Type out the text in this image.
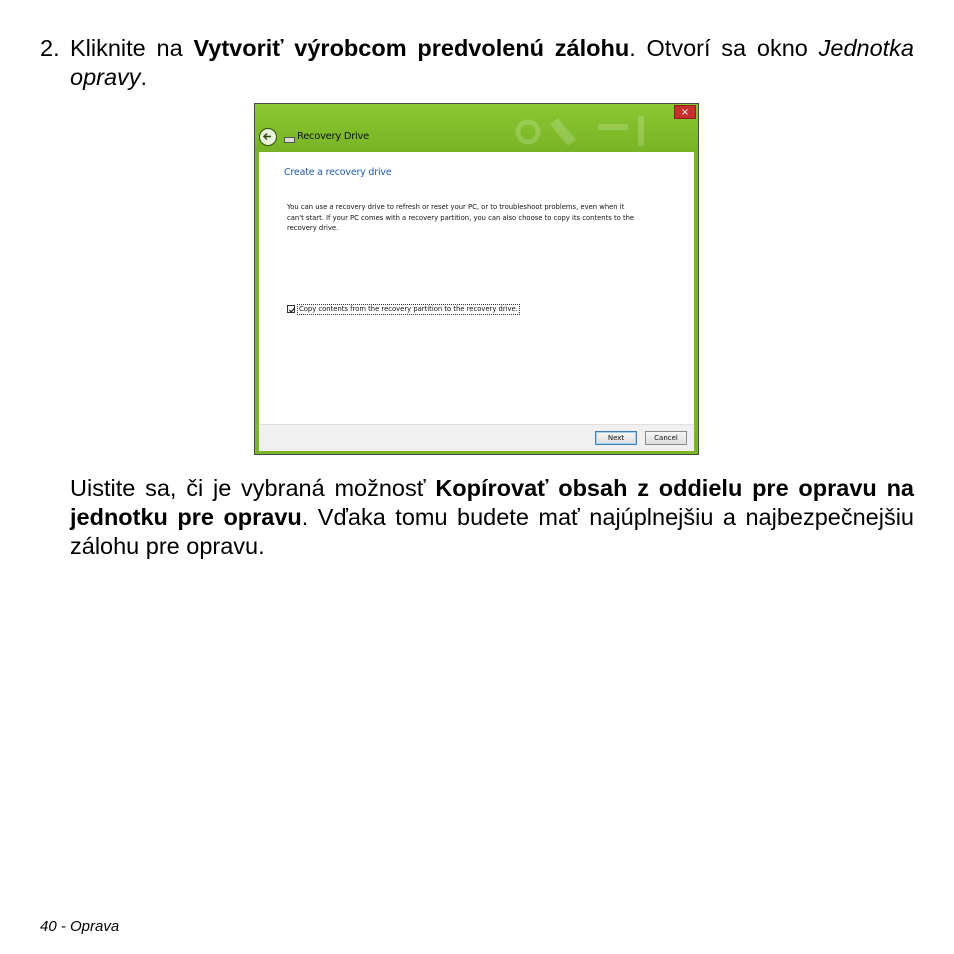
2. Kliknite na Vytvoriť výrobcom predvolenú zálohu. Otvorí sa okno Jednotka opravy.
×
Recovery Drive
Create a recovery drive
You can use a recovery drive to refresh or reset your PC, or to troubleshoot problems, even when it can't start. If your PC comes with a recovery partition, you can also choose to copy its contents to the recovery drive.
Copy contents from the recovery partition to the recovery drive.
Next	Cancel
Uistite sa, či je vybraná možnosť Kopírovať obsah z oddielu pre opravu na jednotku pre opravu. Vďaka tomu budete mať najúplnejšiu a najbezpečnejšiu zálohu pre opravu.
40 - Oprava
